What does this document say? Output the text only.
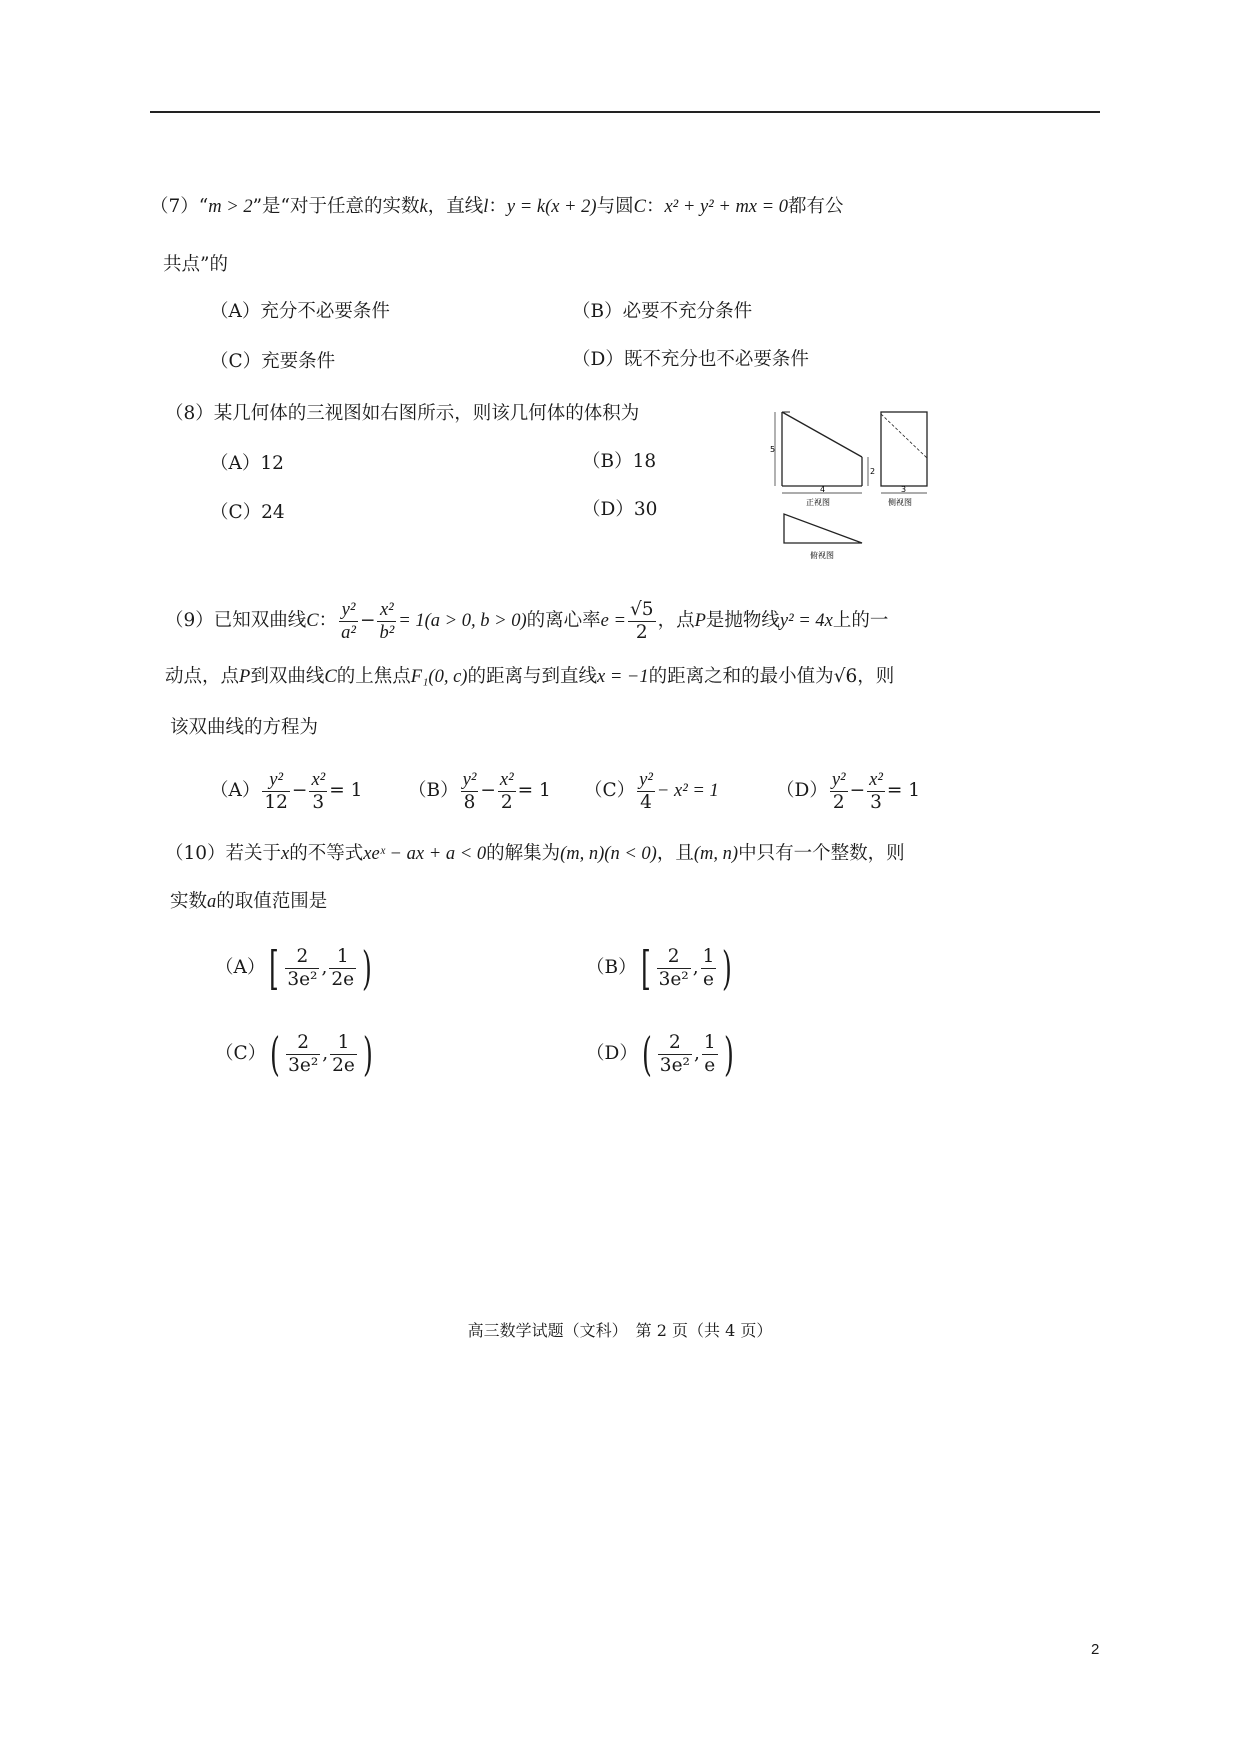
（7）“m > 2”是“对于任意的实数k，直线l：y = k(x + 2)与圆C：x² + y² + mx = 0都有公
共点”的
（A）充分不必要条件	（B）必要不充分条件
（C）充要条件	（D）既不充分也不必要条件
（8）某几何体的三视图如右图所示，则该几何体的体积为
（A）12	（B）18
（C）24	（D）30
5
2
4
正视图
3
侧视图
俯视图
（9）已知双曲线C： $\frac{\text{y²}}{\text{a²}} - \frac{\text{x²}}{\text{b²}} = 1(a > 0$, b > 0)的离心率$e = \frac{√5}{2}$ ，点P是抛物线y² = 4x上的一
动点，点P到双曲线C的上焦点F₁(0, c)的距离与到直线x = −1的距离之和的最小值为√6，则
该双曲线的方程为
$(A) \frac{\text{y²}}{12} - \frac{\text{x²}}{3} = 1$ $(B) \frac{\text{y²}}{8} - \frac{\text{x²}}{2} = 1$ $(C) \frac{\text{y²}}{4} - x^2 = 1$	$(D) \frac{\text{y²}}{2} - \frac{\text{x²}}{3} = 1$
（10）若关于x的不等式xeˣ − ax + a < 0的解集为(m, n)(n < 0)，且(m, n)中只有一个整数，则
实数a的取值范围是
$(A)[ \frac{2}{\text{3e²}}$ , $\frac{1}{2e}$ )	$(B)[ \frac{2}{\text{3e²}}$ , $\frac{1}{e}$ )
$(C)( \frac{2}{\text{3e²}}$ , $\frac{1}{2e}$ )	$(D)( \frac{2}{\text{3e²}}$ , $\frac{1}{e}$ )
高三数学试题（文科）　第 2 页（共 4 页）
2
